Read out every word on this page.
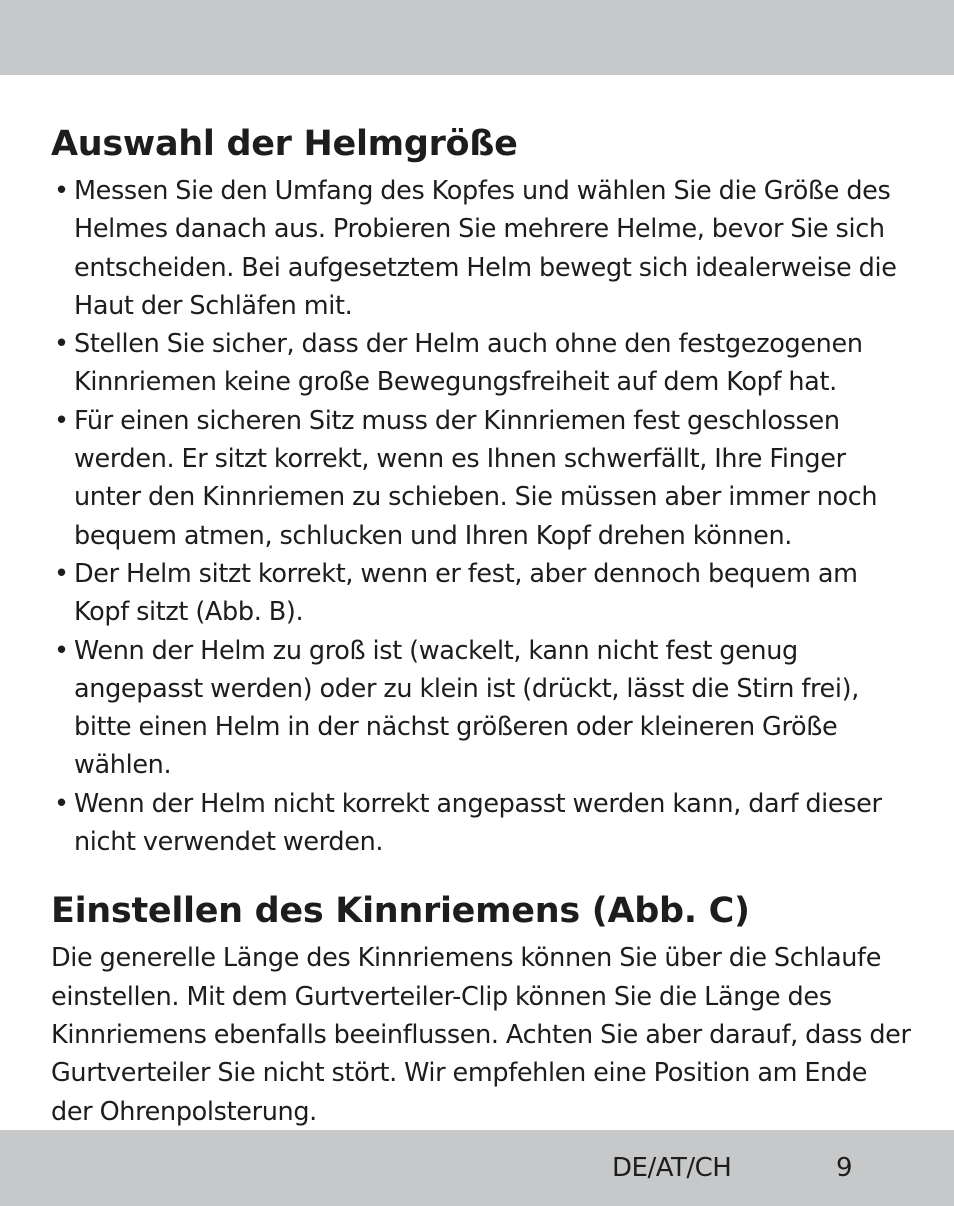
Auswahl der Helmgröße
• Messen Sie den Umfang des Kopfes und wählen Sie die Größe des Helmes danach aus. Probieren Sie mehrere Helme, bevor Sie sich entscheiden. Bei aufgesetztem Helm bewegt sich idealerweise die Haut der Schläfen mit.
• Stellen Sie sicher, dass der Helm auch ohne den festgezogenen Kinnriemen keine große Bewegungsfreiheit auf dem Kopf hat.
• Für einen sicheren Sitz muss der Kinnriemen fest geschlossen werden. Er sitzt korrekt, wenn es Ihnen schwerfällt, Ihre Finger unter den Kinnriemen zu schieben. Sie müssen aber immer noch bequem atmen, schlucken und Ihren Kopf drehen können.
• Der Helm sitzt korrekt, wenn er fest, aber dennoch bequem am Kopf sitzt (Abb. B).
• Wenn der Helm zu groß ist (wackelt, kann nicht fest genug angepasst werden) oder zu klein ist (drückt, lässt die Stirn frei), bitte einen Helm in der nächst größeren oder kleineren Größe wählen.
• Wenn der Helm nicht korrekt angepasst werden kann, darf dieser nicht verwendet werden.
Einstellen des Kinnriemens (Abb. C)

Die generelle Länge des Kinnriemens können Sie über die Schlaufe einstellen. Mit dem Gurtverteiler-Clip können Sie die Länge des Kinnriemens ebenfalls beeinflussen. Achten Sie aber darauf, dass der Gurtverteiler Sie nicht stört. Wir empfehlen eine Position am Ende der Ohrenpolsterung.

DE/AT/CH	9
